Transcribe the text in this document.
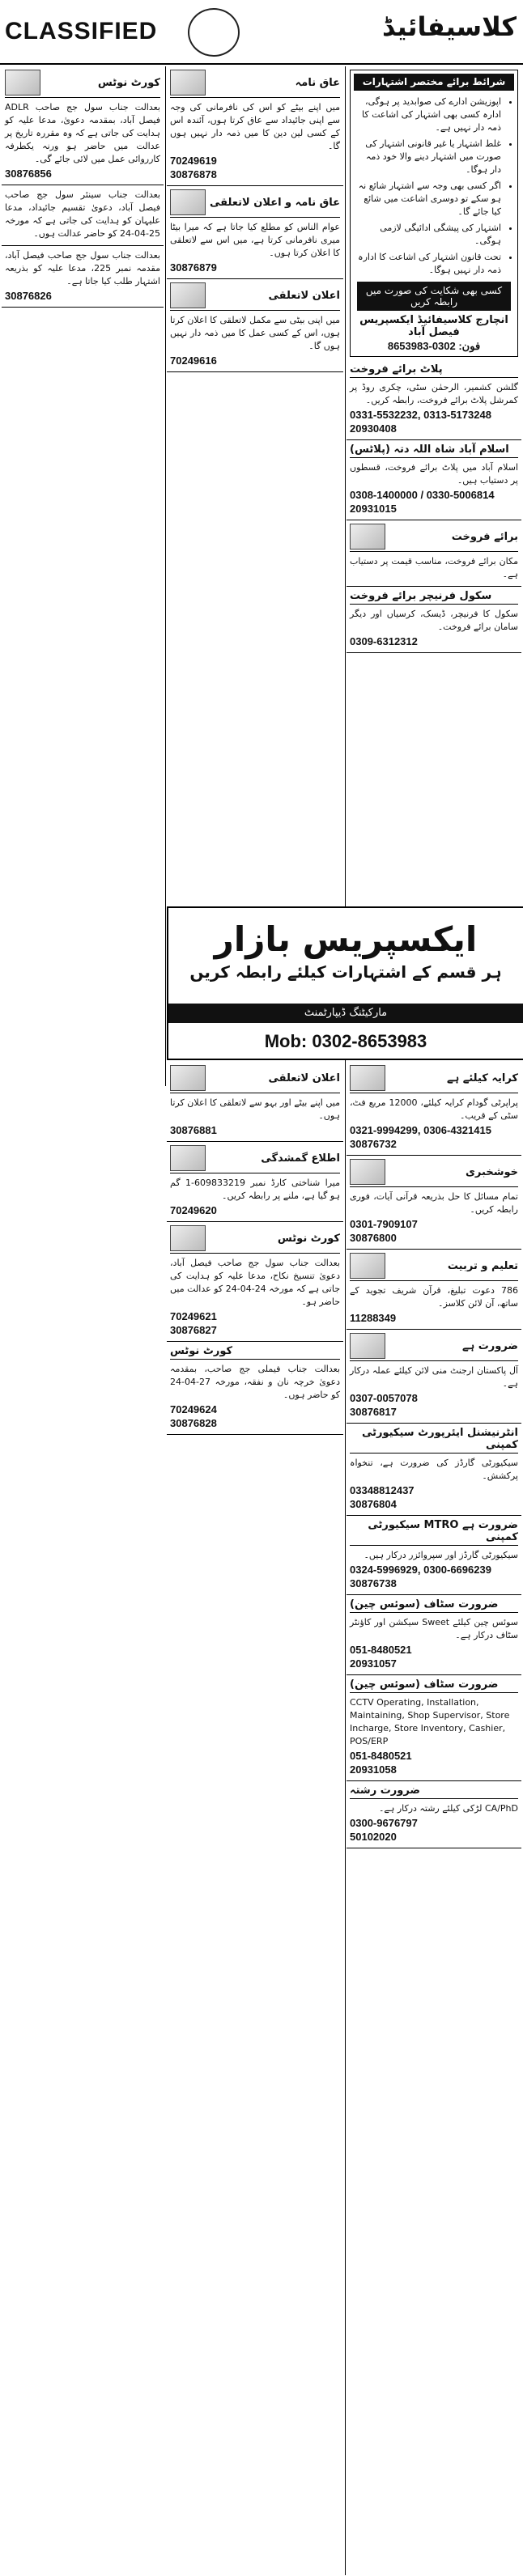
CLASSIFIED	کلاسیفائیڈ
کورٹ نوٹس
بعدالت جناب سول جج صاحب ADLR فیصل آباد، بمقدمہ دعویٰ، مدعا علیہ کو ہدایت کی جاتی ہے کہ وہ مقررہ تاریخ پر عدالت میں حاضر ہو ورنہ یکطرفہ کارروائی عمل میں لائی جائے گی۔
30876856
بعدالت جناب سینئر سول جج صاحب فیصل آباد، دعویٰ تقسیم جائیداد، مدعا علیہان کو ہدایت کی جاتی ہے کہ مورخہ 25-04-24 کو حاضر عدالت ہوں۔
بعدالت جناب سول جج صاحب فیصل آباد، مقدمہ نمبر 225، مدعا علیہ کو بذریعہ اشتہار طلب کیا جاتا ہے۔
30876826
عاق نامہ
میں اپنے بیٹے کو اس کی نافرمانی کی وجہ سے اپنی جائیداد سے عاق کرتا ہوں، آئندہ اس کے کسی لین دین کا میں ذمہ دار نہیں ہوں گا۔
70249619
30876878
عاق نامہ و اعلان لاتعلقی
عوام الناس کو مطلع کیا جاتا ہے کہ میرا بیٹا میری نافرمانی کرتا ہے، میں اس سے لاتعلقی کا اعلان کرتا ہوں۔
30876879
اعلان لاتعلقی
میں اپنی بیٹی سے مکمل لاتعلقی کا اعلان کرتا ہوں، اس کے کسی عمل کا میں ذمہ دار نہیں ہوں گا۔
70249616
شرائط برائے مختصر اشتہارات
• اپوزیشن ادارے کی صوابدید پر ہوگی، ادارہ کسی بھی اشتہار کی اشاعت کا ذمہ دار نہیں ہے۔
• غلط اشتہار یا غیر قانونی اشتہار کی صورت میں اشتہار دینے والا خود ذمہ دار ہوگا۔
• اگر کسی بھی وجہ سے اشتہار شائع نہ ہو سکے تو دوسری اشاعت میں شائع کیا جائے گا۔
• اشتہار کی پیشگی ادائیگی لازمی ہوگی۔
• تحت قانون اشتہار کی اشاعت کا ادارہ ذمہ دار نہیں ہوگا۔
کسی بھی شکایت کی صورت میں رابطہ کریں
انچارج کلاسیفائیڈ ایکسپریس فیصل آباد
فون: 0302-8653983
پلاٹ برائے فروخت
گلشن کشمیر، الرحمٰن سٹی، چکری روڈ پر کمرشل پلاٹ برائے فروخت، رابطہ کریں۔
0331-5532232, 0313-5173248
20930408
اسلام آباد شاہ اللہ دتہ (پلاٹس)
اسلام آباد میں پلاٹ برائے فروخت، قسطوں پر دستیاب ہیں۔
0308-1400000 / 0330-5006814
20931015
برائے فروخت
مکان برائے فروخت، مناسب قیمت پر دستیاب ہے۔
سکول فرنیچر برائے فروخت
سکول کا فرنیچر، ڈیسک، کرسیاں اور دیگر سامان برائے فروخت۔
0309-6312312
ایکسپریس بازار
ہر قسم کے اشتہارات کیلئے رابطہ کریں
مارکیٹنگ ڈیپارٹمنٹ
Mob: 0302-8653983
اعلان لاتعلقی
میں اپنے بیٹے اور بہو سے لاتعلقی کا اعلان کرتا ہوں۔
30876881
اطلاع گمشدگی
میرا شناختی کارڈ نمبر 609833219-1 گم ہو گیا ہے، ملنے پر رابطہ کریں۔
70249620
کورٹ نوٹس
بعدالت جناب سول جج صاحب فیصل آباد، دعویٰ تنسیخ نکاح، مدعا علیہ کو ہدایت کی جاتی ہے کہ مورخہ 24-04-24 کو عدالت میں حاضر ہو۔
70249621
30876827
کورٹ نوٹس
بعدالت جناب فیملی جج صاحب، بمقدمہ دعویٰ خرچہ نان و نفقہ، مورخہ 27-04-24 کو حاضر ہوں۔
70249624
30876828
کرایہ کیلئے ہے
پراپرٹی گودام کرایہ کیلئے، 12000 مربع فٹ، سٹی کے قریب۔
0321-9994299, 0306-4321415
30876732
خوشخبری
تمام مسائل کا حل بذریعہ قرآنی آیات، فوری رابطہ کریں۔
0301-7909107
30876800
تعلیم و تربیت
786 دعوت تبلیغ، قرآن شریف تجوید کے ساتھ، آن لائن کلاسز۔
11288349
ضرورت ہے
آل پاکستان ارجنٹ منی لائن کیلئے عملہ درکار ہے۔
0307-0057078
30876817
انٹرنیشنل ایئرپورٹ سیکیورٹی کمپنی
سیکیورٹی گارڈز کی ضرورت ہے، تنخواہ پرکشش۔
03348812437
30876804
ضرورت ہے MTRO سیکیورٹی کمپنی
سیکیورٹی گارڈز اور سپروائزر درکار ہیں۔
0324-5996929, 0300-6696239
30876738
ضرورت سٹاف (سوئس چین)
سوئس چین کیلئے Sweet سیکشن اور کاؤنٹر سٹاف درکار ہے۔
051-8480521
20931057
ضرورت سٹاف (سوئس چین)
CCTV Operating, Installation, Maintaining, Shop Supervisor, Store Incharge, Store Inventory, Cashier, POS/ERP
051-8480521
20931058
ضرورت رشتہ
CA/PhD لڑکی کیلئے رشتہ درکار ہے۔
0300-9676797
50102020
